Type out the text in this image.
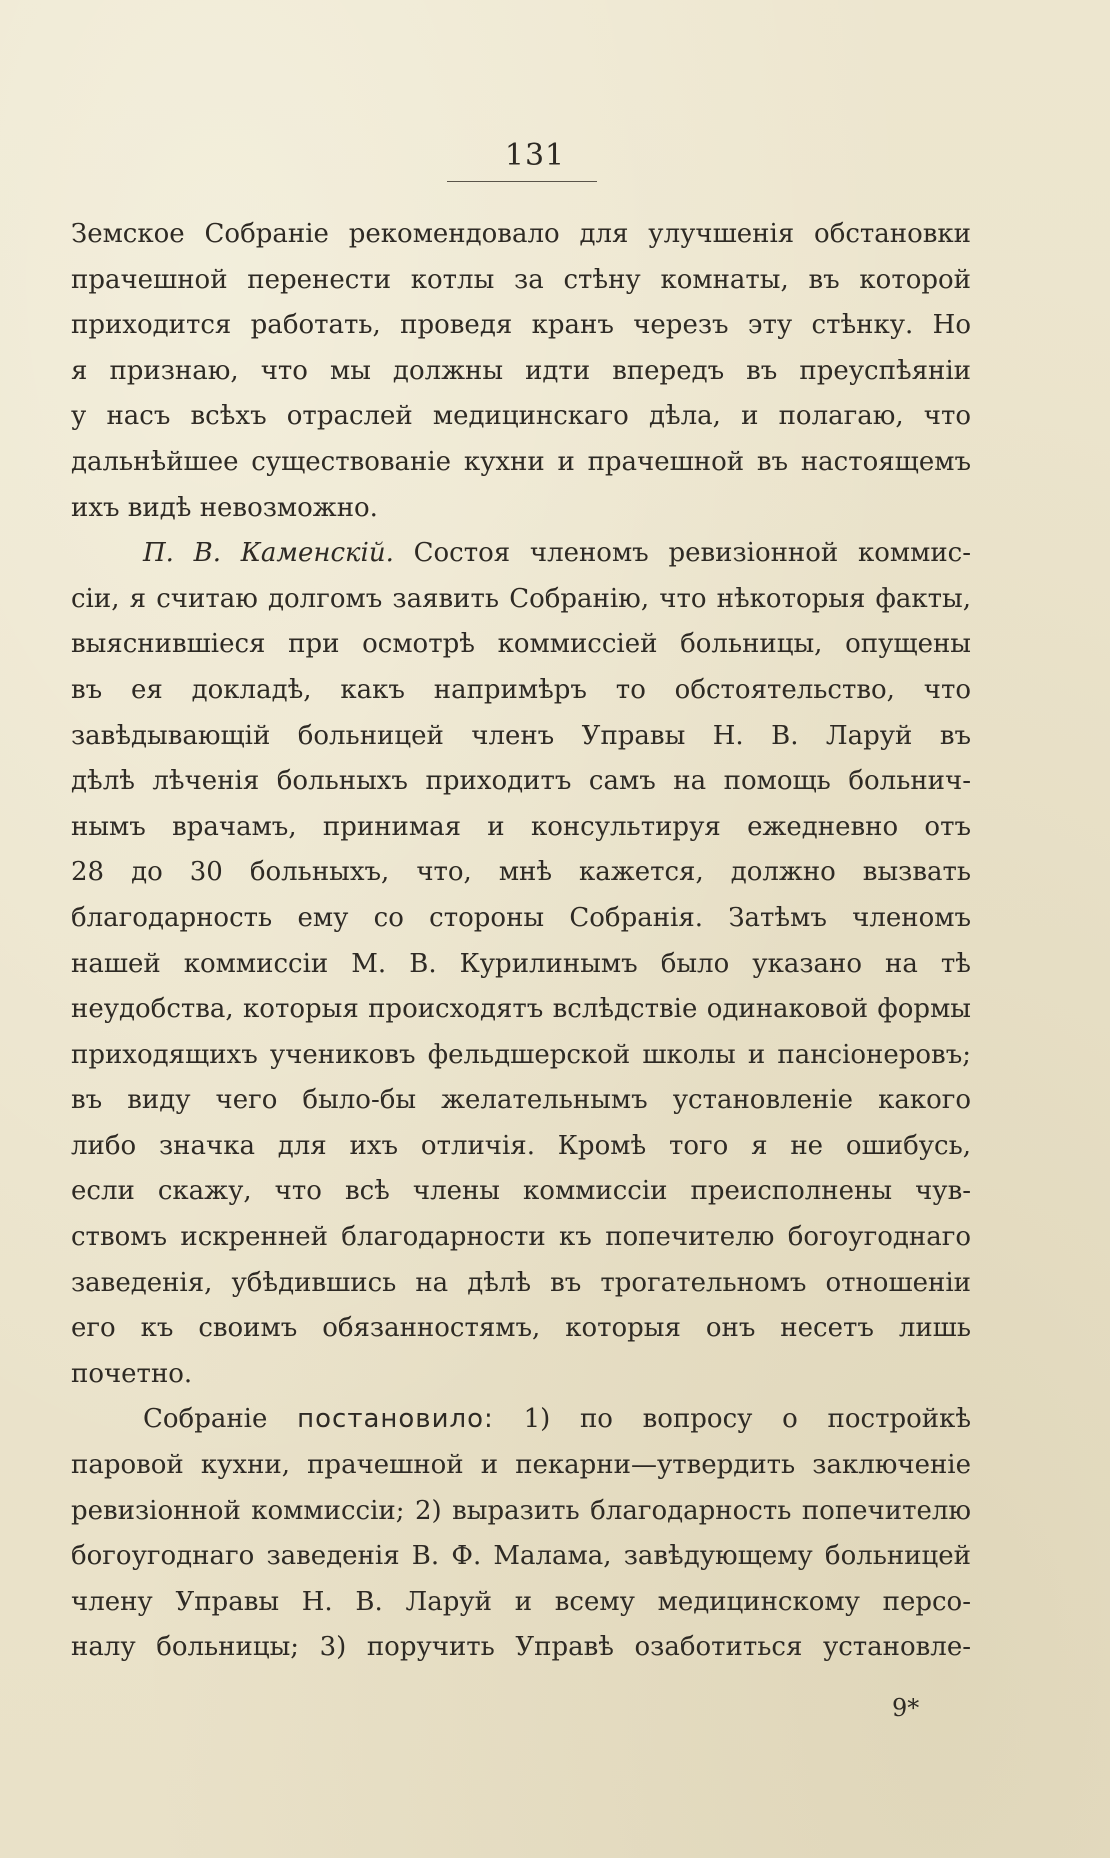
131
Земское Собраніе рекомендовало для улучшенія обстановки
прачешной перенести котлы за стѣну комнаты, въ которой
приходится работать, проведя кранъ черезъ эту стѣнку. Но
я признаю, что мы должны идти впередъ въ преуспѣяніи
у насъ всѣхъ отраслей медицинскаго дѣла, и полагаю, что
дальнѣйшее существованіе кухни и прачешной въ настоящемъ
ихъ видѣ невозможно.
П. В. Каменскій. Состоя членомъ ревизіонной коммис-
сіи, я считаю долгомъ заявить Собранію, что нѣкоторыя факты,
выяснившіеся при осмотрѣ коммиссіей больницы, опущены
въ ея докладѣ, какъ напримѣръ то обстоятельство, что
завѣдывающій больницей членъ Управы Н. В. Ларуй въ
дѣлѣ лѣченія больныхъ приходитъ самъ на помощь больнич-
нымъ врачамъ, принимая и консультируя ежедневно отъ
28 до 30 больныхъ, что, мнѣ кажется, должно вызвать
благодарность ему со стороны Собранія. Затѣмъ членомъ
нашей коммиссіи М. В. Курилинымъ было указано на тѣ
неудобства, которыя происходятъ вслѣдствіе одинаковой формы
приходящихъ учениковъ фельдшерской школы и пансіонеровъ;
въ виду чего было-бы желательнымъ установленіе какого
либо значка для ихъ отличія. Кромѣ того я не ошибусь,
если скажу, что всѣ члены коммиссіи преисполнены чув-
ствомъ искренней благодарности къ попечителю богоугоднаго
заведенія, убѣдившись на дѣлѣ въ трогательномъ отношеніи
его къ своимъ обязанностямъ, которыя онъ несетъ лишь
почетно.
Собраніе постановило: 1) по вопросу о постройкѣ
паровой кухни, прачешной и пекарни—утвердить заключеніе
ревизіонной коммиссіи; 2) выразить благодарность попечителю
богоугоднаго заведенія В. Ф. Малама, завѣдующему больницей
члену Управы Н. В. Ларуй и всему медицинскому персо-
налу больницы; 3) поручить Управѣ озаботиться установле-
9*
